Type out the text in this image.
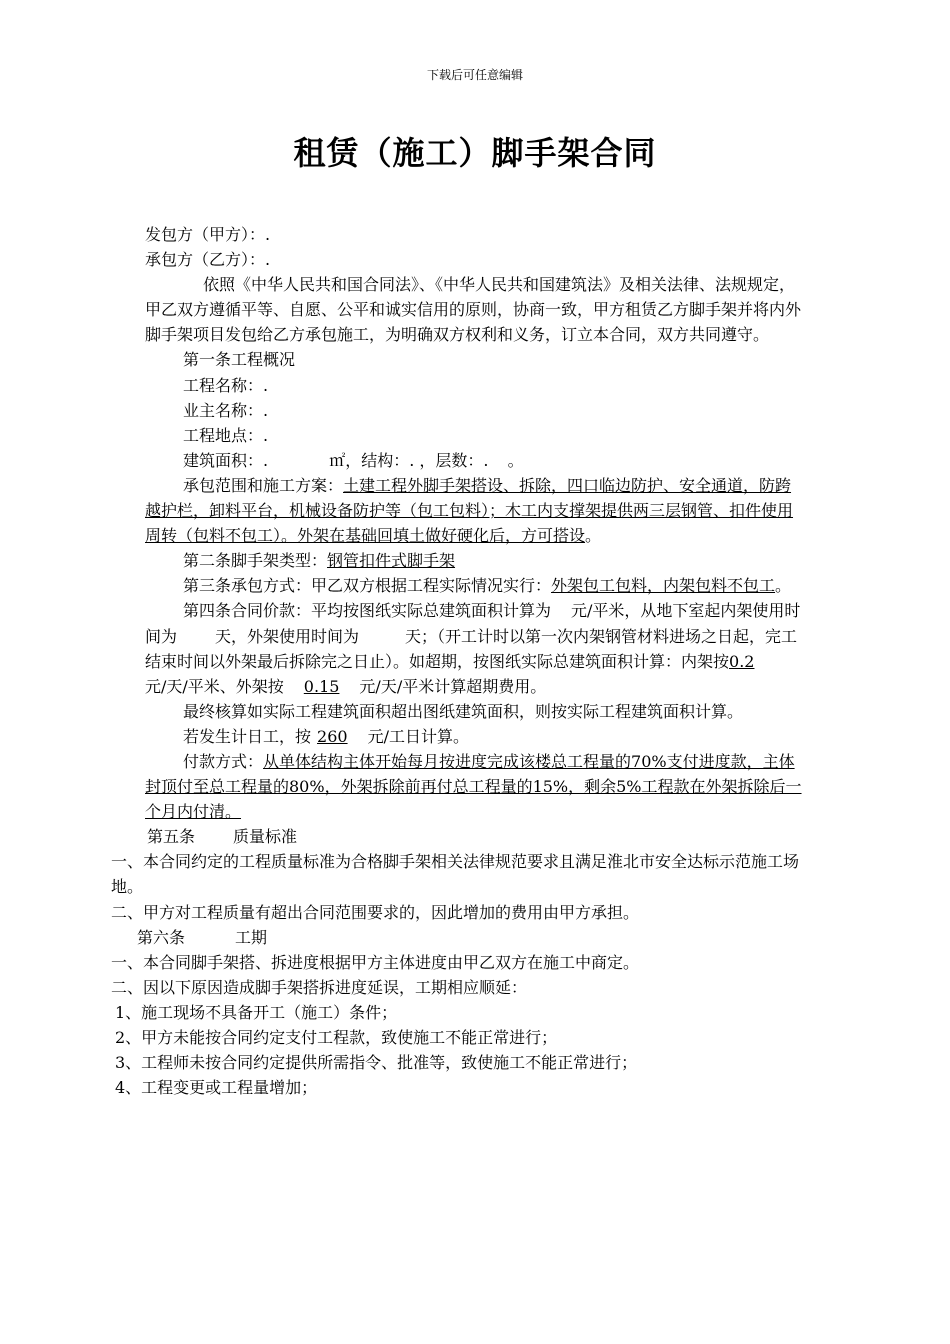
下载后可任意编辑
租赁（施工）脚手架合同

发包方（甲方）：.

承包方（乙方）：.

依照《中华人民共和国合同法》、《中华人民共和国建筑法》及相关法律、法规规定，甲乙双方遵循平等、自愿、公平和诚实信用的原则，协商一致，甲方租赁乙方脚手架并将内外脚手架项目发包给乙方承包施工，为明确双方权利和义务，订立本合同，双方共同遵守。

第一条工程概况

工程名称：.

业主名称：.

工程地点：.

建筑面积：.	㎡，结构：. ，层数：. 。

承包范围和施工方案：土建工程外脚手架搭设、拆除，四口临边防护、安全通道，防跨越护栏，卸料平台，机械设备防护等（包工包料）；木工内支撑架提供两三层钢管、扣件使用周转（包料不包工）。外架在基础回填土做好硬化后，方可搭设。

第二条脚手架类型：钢管扣件式脚手架

第三条承包方式：甲乙双方根据工程实际情况实行：外架包工包料，内架包料不包工。

第四条合同价款：平均按图纸实际总建筑面积计算为 元/平米，从地下室起内架使用时间为 天，外架使用时间为	天；（开工计时以第一次内架钢管材料进场之日起，完工结束时间以外架最后拆除完之日止）。如超期，按图纸实际总建筑面积计算：内架按0.2元/天/平米、外架按 0.15 元/天/平米计算超期费用。

最终核算如实际工程建筑面积超出图纸建筑面积，则按实际工程建筑面积计算。

若发生计日工，按 260 元/工日计算。

付款方式：从单体结构主体开始每月按进度完成该楼总工程量的70%支付进度款，主体封顶付至总工程量的80%，外架拆除前再付总工程量的15%，剩余5%工程款在外架拆除后一个月内付清。

第五条 质量标准

一、本合同约定的工程质量标准为合格脚手架相关法律规范要求且满足淮北市安全达标示范施工场地。

二、甲方对工程质量有超出合同范围要求的，因此增加的费用由甲方承担。

第六条	工期

一、本合同脚手架搭、拆进度根据甲方主体进度由甲乙双方在施工中商定。

二、因以下原因造成脚手架搭拆进度延误，工期相应顺延：

1、施工现场不具备开工（施工）条件；

2、甲方未能按合同约定支付工程款，致使施工不能正常进行；

3、工程师未按合同约定提供所需指令、批准等，致使施工不能正常进行；

4、工程变更或工程量增加；
